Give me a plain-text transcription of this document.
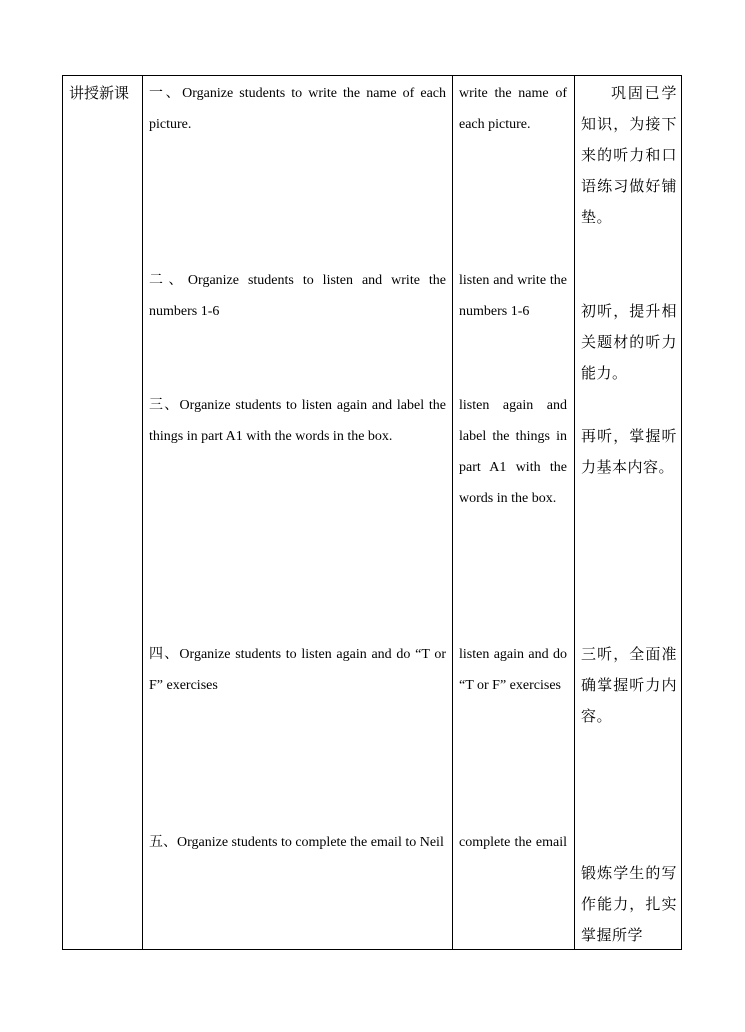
讲授新课 一、Organize students to write the name of each picture.
write the name of each picture.
巩固已学知识，为接下来的听力和口语练习做好铺垫。
二、Organize students to listen and write the numbers 1-6
listen and write the numbers 1-6	初听，提升相关题材的听力能力。
三、Organize students to listen again and label the things in part A1 with the words in the box.
listen again and label the things in part A1 with the words in the box.
再听，掌握听力基本内容。
四、Organize students to listen again and do “T or F” exercises
listen again and do “T or F” exercises
三听，全面准确掌握听力内容。
五、Organize students to complete the email to Neil complete the email
锻炼学生的写作能力，扎实掌握所学
